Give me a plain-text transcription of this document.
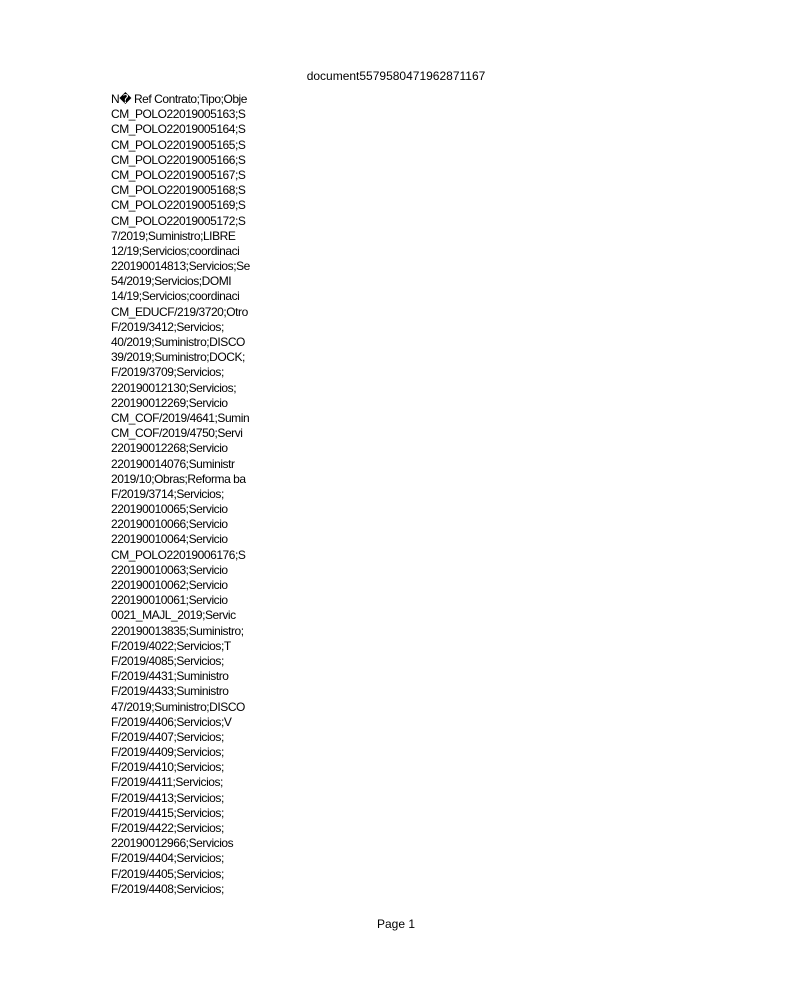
document5579580471962871167
N� Ref Contrato;Tipo;Obje
CM_POLO22019005163;S
CM_POLO22019005164;S
CM_POLO22019005165;S
CM_POLO22019005166;S
CM_POLO22019005167;S
CM_POLO22019005168;S
CM_POLO22019005169;S
CM_POLO22019005172;S
7/2019;Suministro;LIBRE
12/19;Servicios;coordinaci
220190014813;Servicios;Se
54/2019;Servicios;DOMI
14/19;Servicios;coordinaci
CM_EDUCF/219/3720;Otro
F/2019/3412;Servicios;
40/2019;Suministro;DISCO
39/2019;Suministro;DOCK;
F/2019/3709;Servicios;
220190012130;Servicios;
220190012269;Servicio
CM_COF/2019/4641;Sumin
CM_COF/2019/4750;Servi
220190012268;Servicio
220190014076;Suministr
2019/10;Obras;Reforma ba
F/2019/3714;Servicios;
220190010065;Servicio
220190010066;Servicio
220190010064;Servicio
CM_POLO22019006176;S
220190010063;Servicio
220190010062;Servicio
220190010061;Servicio
0021_MAJL_2019;Servic
220190013835;Suministro;
F/2019/4022;Servicios;T
F/2019/4085;Servicios;
F/2019/4431;Suministro
F/2019/4433;Suministro
47/2019;Suministro;DISCO
F/2019/4406;Servicios;V
F/2019/4407;Servicios;
F/2019/4409;Servicios;
F/2019/4410;Servicios;
F/2019/4411;Servicios;
F/2019/4413;Servicios;
F/2019/4415;Servicios;
F/2019/4422;Servicios;
220190012966;Servicios
F/2019/4404;Servicios;
F/2019/4405;Servicios;
F/2019/4408;Servicios;
Page 1
